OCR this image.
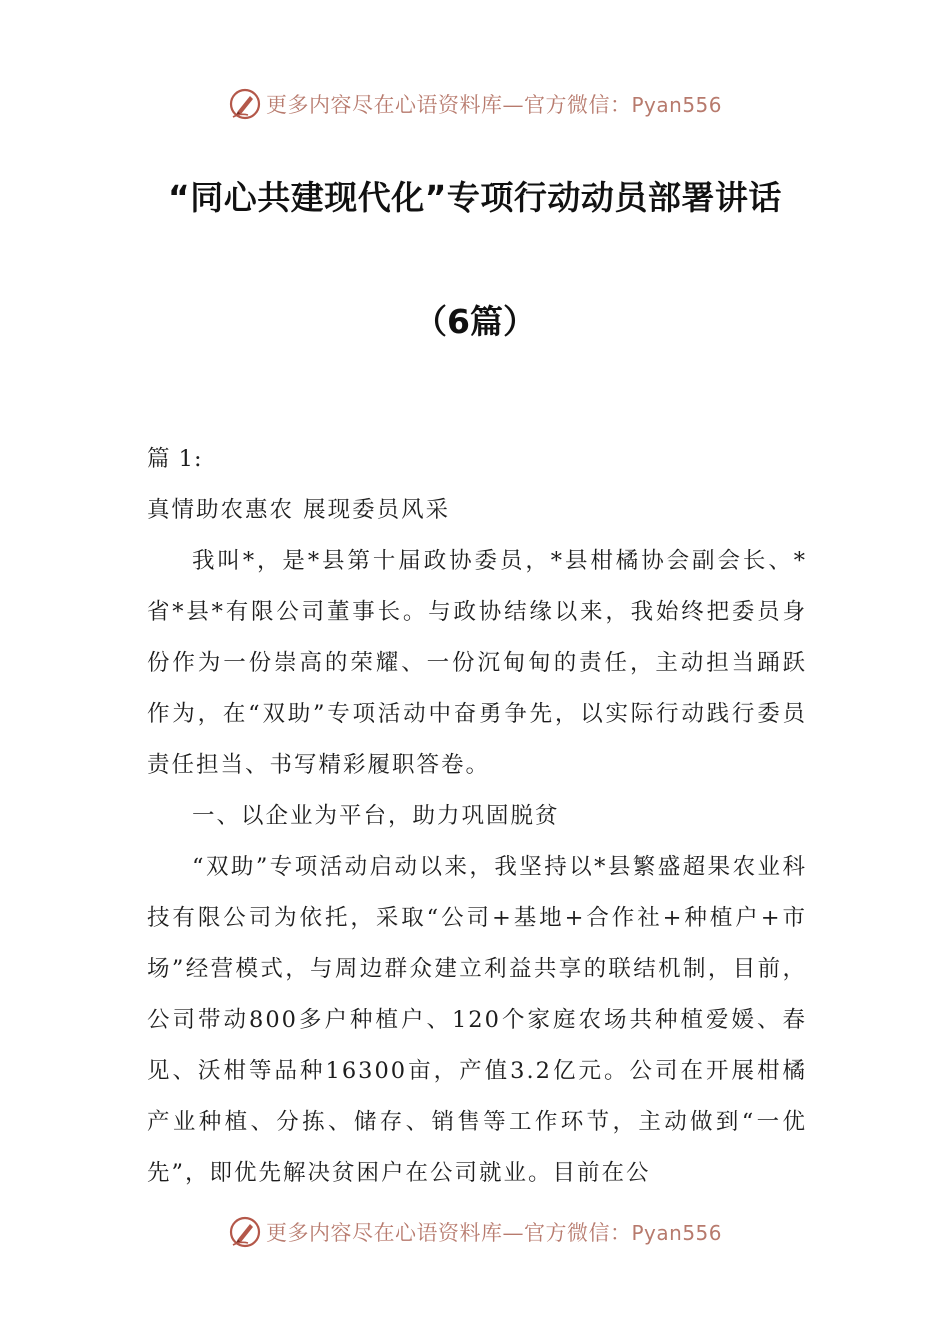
更多内容尽在心语资料库—官方微信：Pyan556
“同心共建现代化”专项行动动员部署讲话
（6篇）

篇 1:

真情助农惠农 展现委员风采

我叫*，是*县第十届政协委员，*县柑橘协会副会长、*省*县*有限公司董事长。与政协结缘以来，我始终把委员身份作为一份崇高的荣耀、一份沉甸甸的责任，主动担当踊跃作为，在“双助”专项活动中奋勇争先，以实际行动践行委员责任担当、书写精彩履职答卷。

一、以企业为平台，助力巩固脱贫

“双助”专项活动启动以来，我坚持以*县繁盛超果农业科技有限公司为依托，采取“公司+基地+合作社+种植户+市场”经营模式，与周边群众建立利益共享的联结机制，目前，公司带动800多户种植户、120个家庭农场共种植爱媛、春见、沃柑等品种16300亩，产值3.2亿元。公司在开展柑橘产业种植、分拣、储存、销售等工作环节，主动做到“一优先”，即优先解决贫困户在公司就业。目前在公

更多内容尽在心语资料库—官方微信：Pyan556
